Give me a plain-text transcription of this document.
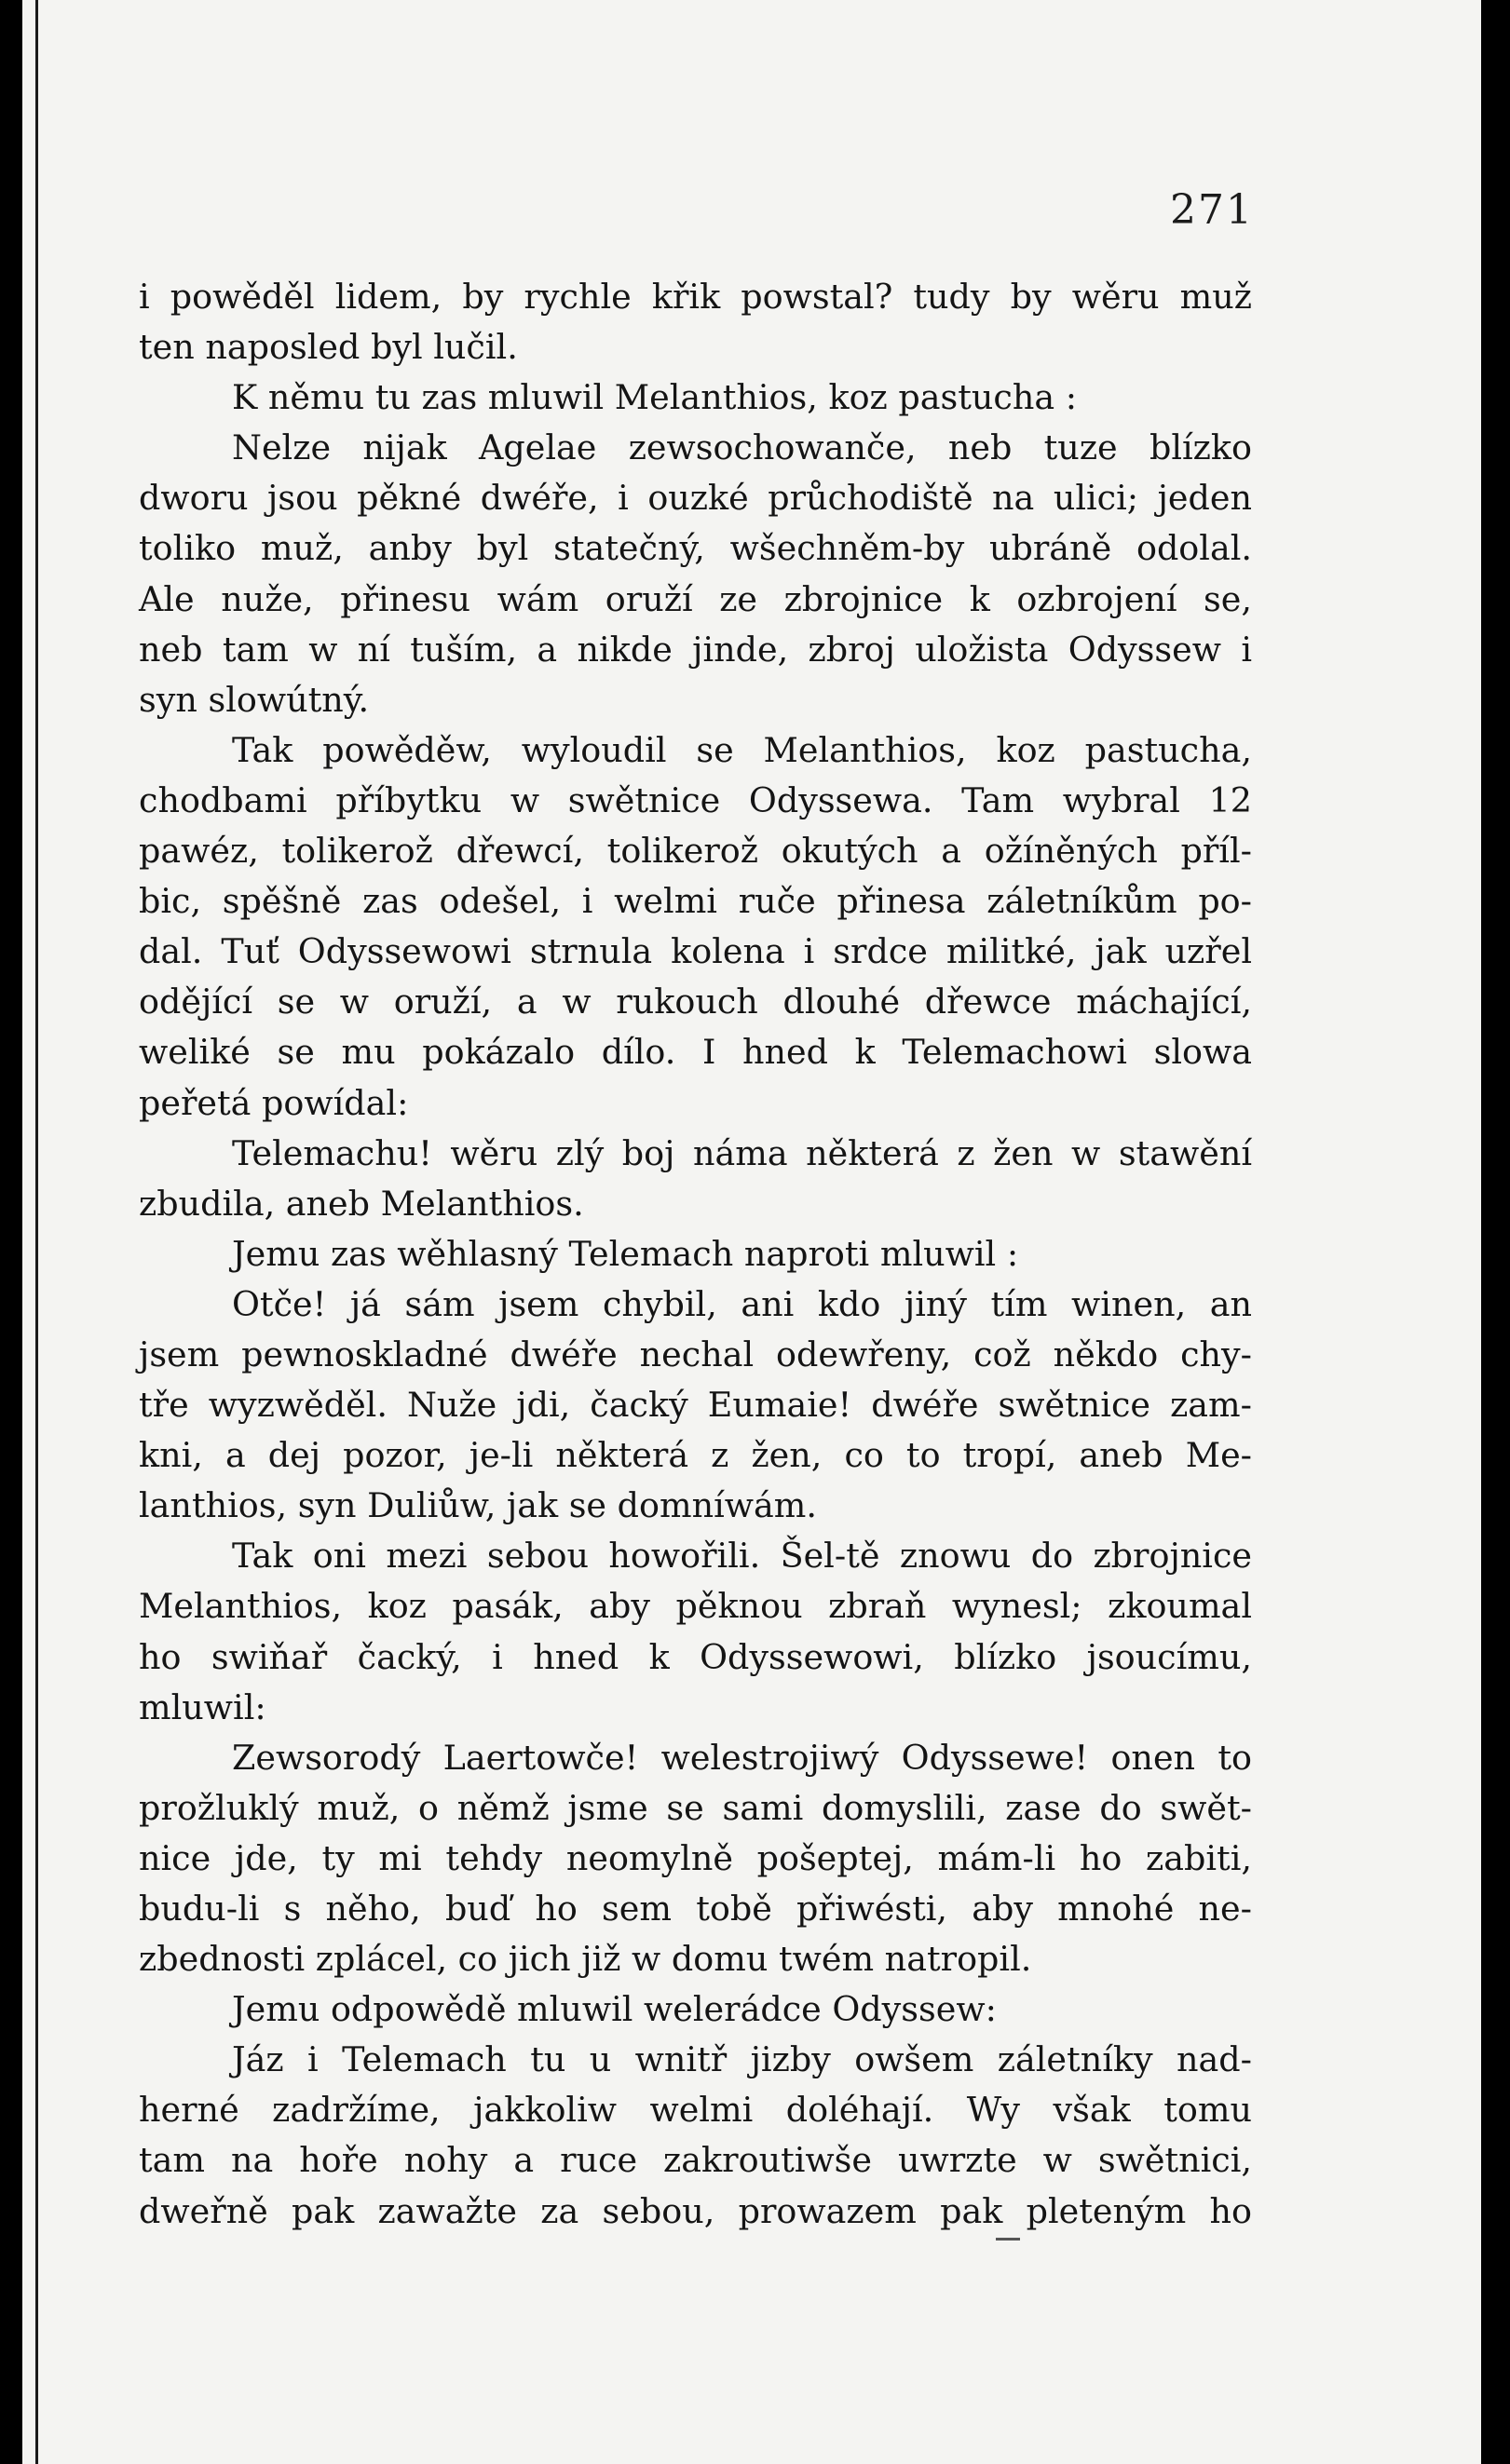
271
i powěděl lidem, by rychle křik powstal? tudy by wěru muž
ten naposled byl lučil.
K němu tu zas mluwil Melanthios, koz pastucha :
Nelze nijak Agelae zewsochowanče, neb tuze blízko
dworu jsou pěkné dwéře, i ouzké průchodiště na ulici; jeden
toliko muž, anby byl statečný, wšechněm-by ubráně odolal.
Ale nuže, přinesu wám oruží ze zbrojnice k ozbrojení se,
neb tam w ní tuším, a nikde jinde, zbroj uložista Odyssew i
syn slowútný.
Tak powěděw, wyloudil se Melanthios, koz pastucha,
chodbami příbytku w swětnice Odyssewa. Tam wybral 12
pawéz, tolikerož dřewcí, tolikerož okutých a ožíněných příl-
bic, spěšně zas odešel, i welmi ruče přinesa záletníkům po-
dal. Tuť Odyssewowi strnula kolena i srdce militké, jak uzřel
oděјící se w oruží, a w rukouch dlouhé dřewce máchající,
weliké se mu pokázalo dílo. I hned k Telemachowi slowa
peřetá powídal:
Telemachu! wěru zlý boj náma některá z žen w stawění
zbudila, aneb Melanthios.
Jemu zas wěhlasný Telemach naproti mluwil :
Otče! já sám jsem chybil, ani kdo jiný tím winen, an
jsem pewnoskladné dwéře nechal odewřeny, což někdo chy-
tře wyzwěděl. Nuže jdi, čacký Eumaie! dwéře swětnice zam-
kni, a dej pozor, je-li některá z žen, co to tropí, aneb Me-
lanthios, syn Duliůw, jak se domníwám.
Tak oni mezi sebou howořili. Šel-tě znowu do zbrojnice
Melanthios, koz pasák, aby pěknou zbraň wynesl; zkoumal
ho swiňař čacký, i hned k Odyssewowi, blízko jsoucímu,
mluwil:
Zewsorodý Laertowče! welestrojiwý Odyssewe! onen to
prožluklý muž, o němž jsme se sami domyslili, zase do swět-
nice jde, ty mi tehdy neomylně pošeptej, mám-li ho zabiti,
budu-li s něho, buď ho sem tobě přiwésti, aby mnohé ne-
zbednosti zplácel, co jich již w domu twém natropil.
Jemu odpowědě mluwil welerádce Odyssew:
Jáz i Telemach tu u wnitř jizby owšem záletníky nad-
herné zadržíme, jakkoliw welmi doléhají. Wy však tomu
tam na hoře nohy a ruce zakroutiwše uwrzte w swětnici,
dweřně pak zawažte za sebou, prowazem pak pleteným ho
